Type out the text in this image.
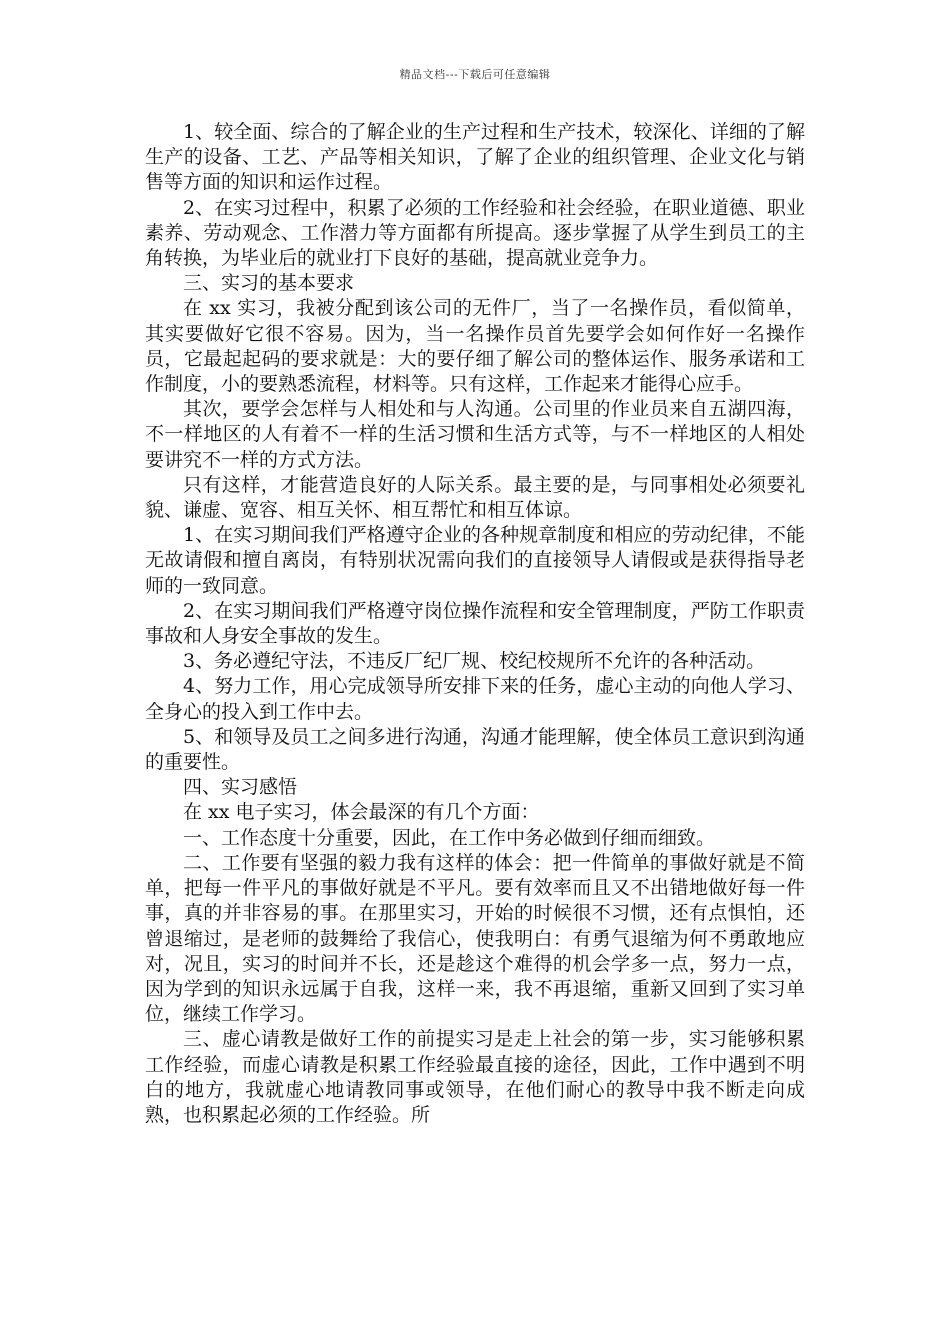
精品文档---下载后可任意编辑

1、较全面、综合的了解企业的生产过程和生产技术，较深化、详细的了解生产的设备、工艺、产品等相关知识，了解了企业的组织管理、企业文化与销售等方面的知识和运作过程。

2、在实习过程中，积累了必须的工作经验和社会经验，在职业道德、职业素养、劳动观念、工作潜力等方面都有所提高。逐步掌握了从学生到员工的主角转换，为毕业后的就业打下良好的基础，提高就业竞争力。

三、实习的基本要求

在 xx 实习，我被分配到该公司的无件厂，当了一名操作员，看似简单，其实要做好它很不容易。因为，当一名操作员首先要学会如何作好一名操作员，它最起起码的要求就是：大的要仔细了解公司的整体运作、服务承诺和工作制度，小的要熟悉流程，材料等。只有这样，工作起来才能得心应手。

其次，要学会怎样与人相处和与人沟通。公司里的作业员来自五湖四海，不一样地区的人有着不一样的生活习惯和生活方式等，与不一样地区的人相处要讲究不一样的方式方法。

只有这样，才能营造良好的人际关系。最主要的是，与同事相处必须要礼貌、谦虚、宽容、相互关怀、相互帮忙和相互体谅。

1、在实习期间我们严格遵守企业的各种规章制度和相应的劳动纪律，不能无故请假和擅自离岗，有特别状况需向我们的直接领导人请假或是获得指导老师的一致同意。

2、在实习期间我们严格遵守岗位操作流程和安全管理制度，严防工作职责事故和人身安全事故的发生。

3、务必遵纪守法，不违反厂纪厂规、校纪校规所不允许的各种活动。

4、努力工作，用心完成领导所安排下来的任务，虚心主动的向他人学习、全身心的投入到工作中去。

5、和领导及员工之间多进行沟通，沟通才能理解，使全体员工意识到沟通的重要性。

四、实习感悟

在 xx 电子实习，体会最深的有几个方面：

一、工作态度十分重要，因此，在工作中务必做到仔细而细致。

二、工作要有坚强的毅力我有这样的体会：把一件简单的事做好就是不简单，把每一件平凡的事做好就是不平凡。要有效率而且又不出错地做好每一件事，真的并非容易的事。在那里实习，开始的时候很不习惯，还有点惧怕，还曾退缩过，是老师的鼓舞给了我信心，使我明白：有勇气退缩为何不勇敢地应对，况且，实习的时间并不长，还是趁这个难得的机会学多一点，努力一点，因为学到的知识永远属于自我，这样一来，我不再退缩，重新又回到了实习单位，继续工作学习。

三、虚心请教是做好工作的前提实习是走上社会的第一步，实习能够积累工作经验，而虚心请教是积累工作经验最直接的途径，因此，工作中遇到不明白的地方，我就虚心地请教同事或领导，在他们耐心的教导中我不断走向成熟，也积累起必须的工作经验。所
